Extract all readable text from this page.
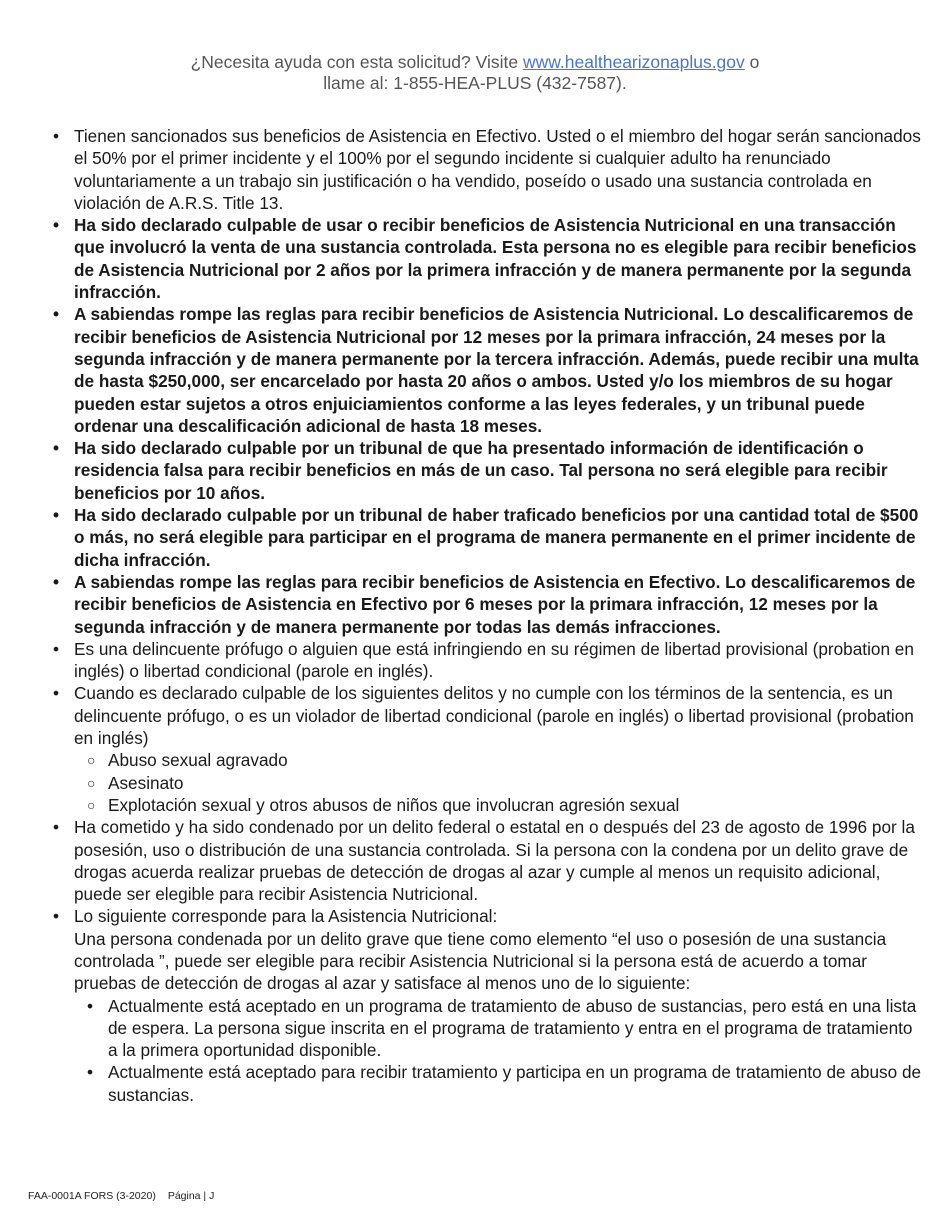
¿Necesita ayuda con esta solicitud? Visite www.healthearizonaplus.gov o
llame al: 1-855-HEA-PLUS (432-7587).
• Tienen sancionados sus beneficios de Asistencia en Efectivo. Usted o el miembro del hogar serán sancionados el 50% por el primer incidente y el 100% por el segundo incidente si cualquier adulto ha renunciado voluntariamente a un trabajo sin justificación o ha vendido, poseído o usado una sustancia controlada en violación de A.R.S. Title 13.
• Ha sido declarado culpable de usar o recibir beneficios de Asistencia Nutricional en una transacción que involucró la venta de una sustancia controlada. Esta persona no es elegible para recibir beneficios de Asistencia Nutricional por 2 años por la primera infracción y de manera permanente por la segunda infracción.
• A sabiendas rompe las reglas para recibir beneficios de Asistencia Nutricional. Lo descalificaremos de recibir beneficios de Asistencia Nutricional por 12 meses por la primara infracción, 24 meses por la segunda infracción y de manera permanente por la tercera infracción. Además, puede recibir una multa de hasta $250,000, ser encarcelado por hasta 20 años o ambos. Usted y/o los miembros de su hogar pueden estar sujetos a otros enjuiciamientos conforme a las leyes federales, y un tribunal puede ordenar una descalificación adicional de hasta 18 meses.
• Ha sido declarado culpable por un tribunal de que ha presentado información de identificación o residencia falsa para recibir beneficios en más de un caso. Tal persona no será elegible para recibir beneficios por 10 años.
• Ha sido declarado culpable por un tribunal de haber traficado beneficios por una cantidad total de $500 o más, no será elegible para participar en el programa de manera permanente en el primer incidente de dicha infracción.
• A sabiendas rompe las reglas para recibir beneficios de Asistencia en Efectivo. Lo descalificaremos de recibir beneficios de Asistencia en Efectivo por 6 meses por la primara infracción, 12 meses por la segunda infracción y de manera permanente por todas las demás infracciones.
• Es una delincuente prófugo o alguien que está infringiendo en su régimen de libertad provisional (probation en inglés) o libertad condicional (parole en inglés).
• Cuando es declarado culpable de los siguientes delitos y no cumple con los términos de la sentencia, es un delincuente prófugo, o es un violador de libertad condicional (parole en inglés) o libertad provisional (probation en inglés)
○ Abuso sexual agravado
○ Asesinato
○ Explotación sexual y otros abusos de niños que involucran agresión sexual
• Ha cometido y ha sido condenado por un delito federal o estatal en o después del 23 de agosto de 1996 por la posesión, uso o distribución de una sustancia controlada. Si la persona con la condena por un delito grave de drogas acuerda realizar pruebas de detección de drogas al azar y cumple al menos un requisito adicional, puede ser elegible para recibir Asistencia Nutricional.
• Lo siguiente corresponde para la Asistencia Nutricional:
Una persona condenada por un delito grave que tiene como elemento “el uso o posesión de una sustancia controlada ”, puede ser elegible para recibir Asistencia Nutricional si la persona está de acuerdo a tomar pruebas de detección de drogas al azar y satisface al menos uno de lo siguiente:
• Actualmente está aceptado en un programa de tratamiento de abuso de sustancias, pero está en una lista de espera. La persona sigue inscrita en el programa de tratamiento y entra en el programa de tratamiento a la primera oportunidad disponible.
• Actualmente está aceptado para recibir tratamiento y participa en un programa de tratamiento de abuso de sustancias.
FAA-0001A FORS (3-2020) Página | J
